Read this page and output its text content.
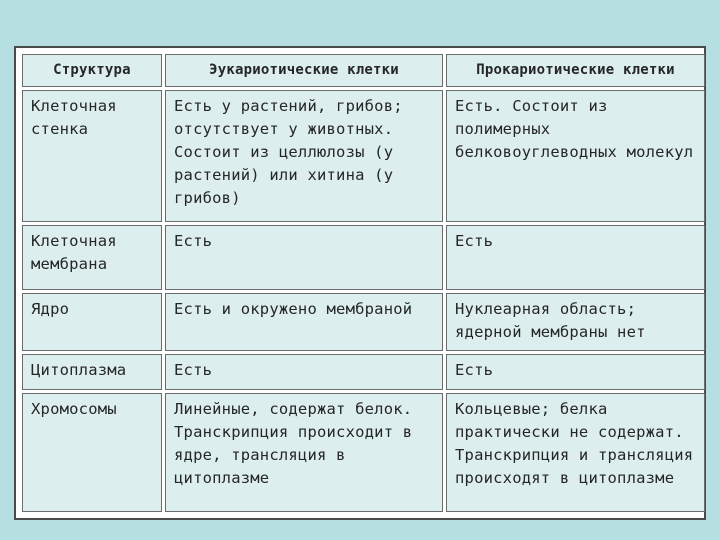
Структура	Эукариотические клетки	Прокариотические клетки
Клеточная стенка	Есть у растений, грибов; отсутствует у животных. Состоит из целлюлозы (у растений) или хитина (у грибов)	Есть. Состоит из полимерных белковоуглеводных молекул
Клеточная мембрана	Есть	Есть
Ядро	Есть и окружено мембраной	Нуклеарная область; ядерной мембраны нет
Цитоплазма	Есть	Есть
Хромосомы	Линейные, содержат белок. Транскрипция происходит в ядре, трансляция в цитоплазме	Кольцевые; белка практически не содержат. Транскрипция и трансляция происходят в цитоплазме
